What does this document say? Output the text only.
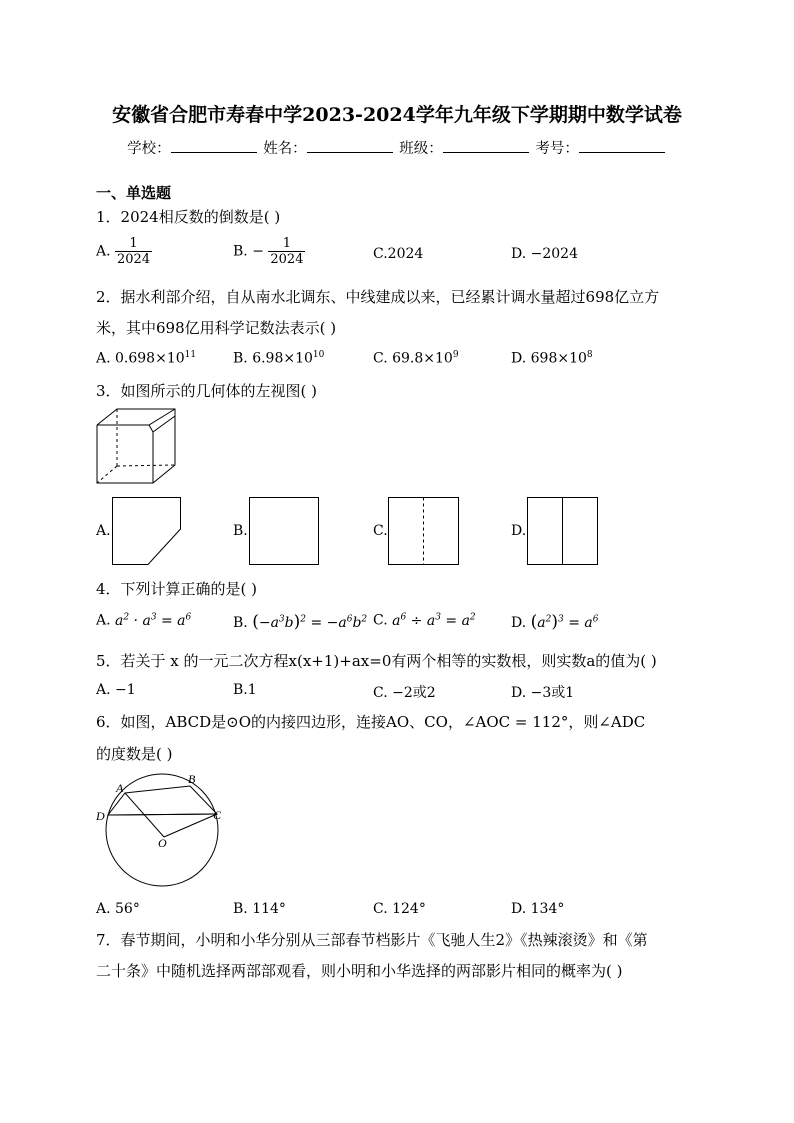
安徽省合肥市寿春中学2023-2024学年九年级下学期期中数学试卷
学校：	姓名：	班级：	考号：
一、单选题
1．2024相反数的倒数是( )
A. $\frac{1}{2024}$	B. − $\frac{1}{2024}$	C.2024	D. −2024
2．据水利部介绍，自从南水北调东、中线建成以来，已经累计调水量超过698亿立方
米，其中698亿用科学记数法表示( )
A. $0.698\times 10^{11}$	B. $6.98\times 10^{10}$	C. $69.8\times 10^9$	D. $698\times 10^8$
3．如图所示的几何体的左视图( )
A.	B.	C.	D.
4．下列计算正确的是( )
A. $a^2 \cdot a^3 = a^6$	B. $(-a^3b)^2 = -a^6b^2$ C. $a^6 \div a^3 = a^2$	D. $(a^2)^3 = a^6$
5．若关于 x 的一元二次方程x(x+1)+ax=0有两个相等的实数根，则实数a的值为( )
A. −1	B.1	C. −2或2	D. −3或1
6．如图，ABCD是⊙O的内接四边形，连接AO、CO，∠AOC = 112°，则∠ADC
的度数是( )
A
B
C
D
O
A. 56°	B. 114°	C. 124°	D. 134°
7．春节期间，小明和小华分别从三部春节档影片《飞驰人生2》《热辣滚烫》和《第
二十条》中随机选择两部部观看，则小明和小华选择的两部影片相同的概率为( )
